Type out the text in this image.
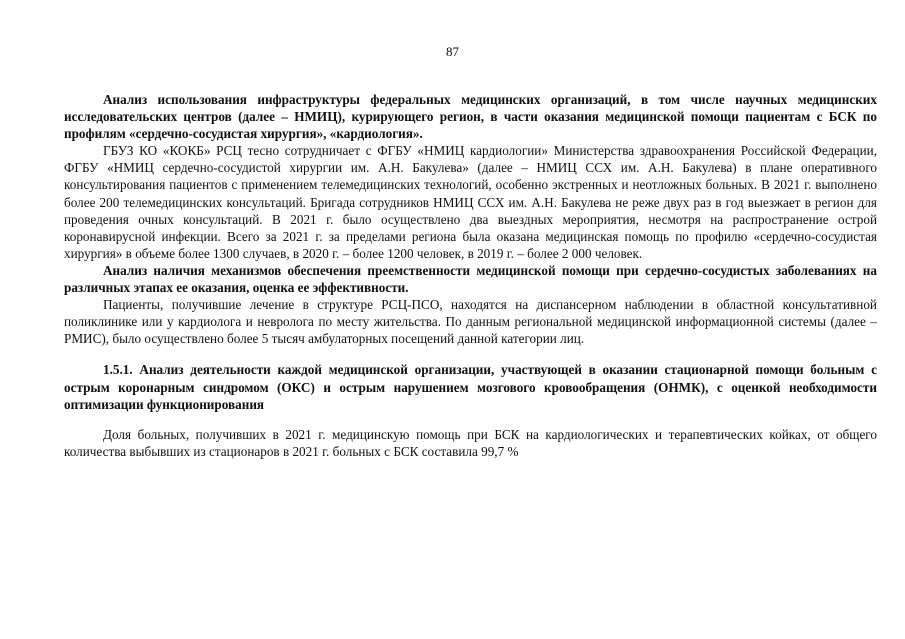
87

Анализ использования инфраструктуры федеральных медицинских организаций, в том числе научных медицинских исследовательских центров (далее – НМИЦ), курирующего регион, в части оказания медицинской помощи пациентам с БСК по профилям «сердечно-сосудистая хирургия», «кардиология».

ГБУЗ КО «КОКБ» РСЦ тесно сотрудничает с ФГБУ «НМИЦ кардиологии» Министерства здравоохранения Российской Федерации, ФГБУ «НМИЦ сердечно-сосудистой хирургии им. А.Н. Бакулева» (далее – НМИЦ ССХ им. А.Н. Бакулева) в плане оперативного консультирования пациентов с применением телемедицинских технологий, особенно экстренных и неотложных больных. В 2021 г. выполнено более 200 телемедицинских консультаций. Бригада сотрудников НМИЦ ССХ им. А.Н. Бакулева не реже двух раз в год выезжает в регион для проведения очных консультаций. В 2021 г. было осуществлено два выездных мероприятия, несмотря на распространение острой коронавирусной инфекции. Всего за 2021 г. за пределами региона была оказана медицинская помощь по профилю «сердечно-сосудистая хирургия» в объеме более 1300 случаев, в 2020 г. – более 1200 человек, в 2019 г. – более 2 000 человек.

Анализ наличия механизмов обеспечения преемственности медицинской помощи при сердечно-сосудистых заболеваниях на различных этапах ее оказания, оценка ее эффективности.

Пациенты, получившие лечение в структуре РСЦ-ПСО, находятся на диспансерном наблюдении в областной консультативной поликлинике или у кардиолога и невролога по месту жительства. По данным региональной медицинской информационной системы (далее – РМИС), было осуществлено более 5 тысяч амбулаторных посещений данной категории лиц.

1.5.1. Анализ деятельности каждой медицинской организации, участвующей в оказании стационарной помощи больным с острым коронарным синдромом (ОКС) и острым нарушением мозгового кровообращения (ОНМК), с оценкой необходимости оптимизации функционирования

Доля больных, получивших в 2021 г. медицинскую помощь при БСК на кардиологических и терапевтических койках, от общего количества выбывших из стационаров в 2021 г. больных с БСК составила 99,7 %
